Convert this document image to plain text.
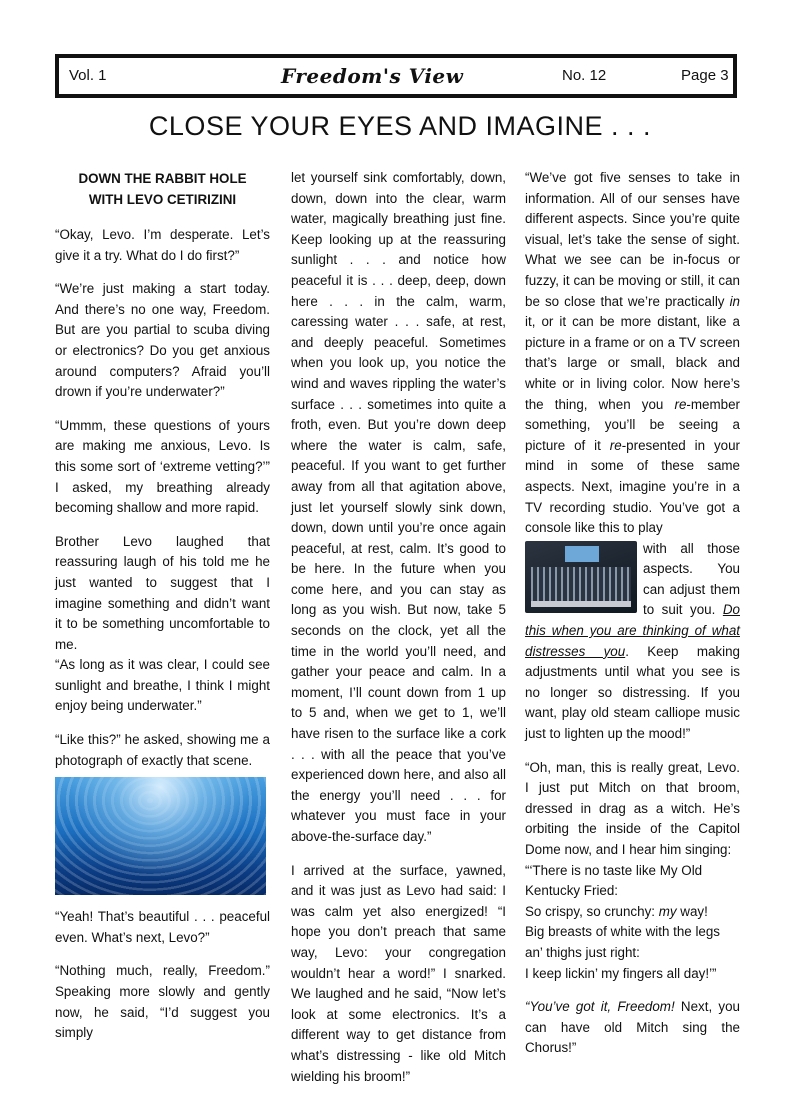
Vol. 1	Freedom's View	No. 12	Page 3
CLOSE YOUR EYES AND IMAGINE . . .
DOWN THE RABBIT HOLE
WITH LEVO CETIRIZINI

“Okay, Levo. I’m desperate. Let’s give it a try. What do I do first?”

“We’re just making a start today. And there’s no one way, Freedom. But are you partial to scuba diving or electronics? Do you get anxious around computers? Afraid you’ll drown if you’re underwater?”

“Ummm, these questions of yours are making me anxious, Levo. Is this some sort of ‘extreme vetting?’” I asked, my breathing already becoming shallow and more rapid.

Brother Levo laughed that reassuring laugh of his told me he just wanted to suggest that I imagine something and didn’t want it to be something uncomfortable to me.

“As long as it was clear, I could see sunlight and breathe, I think I might enjoy being underwater.”

“Like this?” he asked, showing me a photograph of exactly that scene.

“Yeah! That’s beautiful . . . peaceful even. What’s next, Levo?”

“Nothing much, really, Freedom.” Speaking more slowly and gently now, he said, “I’d suggest you simply

let yourself sink comfortably, down, down, down into the clear, warm water, magically breathing just fine. Keep looking up at the reassuring sunlight . . . and notice how peaceful it is . . . deep, deep, down here . . . in the calm, warm, caressing water . . . safe, at rest, and deeply peaceful. Sometimes when you look up, you notice the wind and waves rippling the water’s surface . . . sometimes into quite a froth, even. But you’re down deep where the water is calm, safe, peaceful. If you want to get further away from all that agitation above, just let yourself slowly sink down, down, down until you’re once again peaceful, at rest, calm. It’s good to be here. In the future when you come here, and you can stay as long as you wish. But now, take 5 seconds on the clock, yet all the time in the world you’ll need, and gather your peace and calm. In a moment, I’ll count down from 1 up to 5 and, when we get to 1, we’ll have risen to the surface like a cork . . . with all the peace that you’ve experienced down here, and also all the energy you’ll need . . . for whatever you must face in your above-the-surface day.”

I arrived at the surface, yawned, and it was just as Levo had said: I was calm yet also energized! “I hope you don’t preach that same way, Levo: your congregation wouldn’t hear a word!” I snarked. We laughed and he said, “Now let’s look at some electronics. It’s a different way to get distance from what’s distressing - like old Mitch wielding his broom!”

“We’ve got five senses to take in information. All of our senses have different aspects. Since you’re quite visual, let’s take the sense of sight. What we see can be in-focus or fuzzy, it can be moving or still, it can be so close that we’re practically in it, or it can be more distant, like a picture in a frame or on a TV screen that’s large or small, black and white or in living color. Now here’s the thing, when you re-member something, you’ll be seeing a picture of it re-presented in your mind in some of these same aspects. Next, imagine you’re in a TV recording studio. You’ve got a console like this to play

with all those aspects. You can adjust them to suit you. Do this when you are thinking of what distresses you. Keep making adjustments until what you see is no longer so distressing. If you want, play old steam calliope music just to lighten up the mood!”

“Oh, man, this is really great, Levo. I just put Mitch on that broom, dressed in drag as a witch. He’s orbiting the inside of the Capitol Dome now, and I hear him singing:

“‘There is no taste like My Old Kentucky Fried:

So crispy, so crunchy: my way!

Big breasts of white with the legs an’ thighs just right:

I keep lickin’ my fingers all day!’”

“You’ve got it, Freedom! Next, you can have old Mitch sing the Chorus!”
